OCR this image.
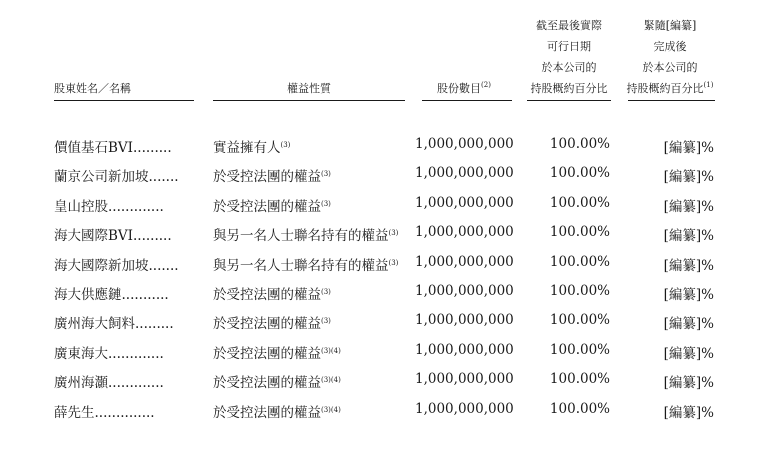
股東姓名／名稱	權益性質	股份數目$^{(2)}$
截至最後實際
可行日期
於本公司的
持股概約百分比
緊隨[編纂]
完成後
於本公司的
持股概約百分比$^{(1)}$
價值基石BVI.........	實益擁有人$^{(3)}$	1,000,000,000	100.00%	[編纂]%
蘭京公司新加坡.......	於受控法團的權益$^{(3)}$	1,000,000,000	100.00%	[編纂]%
皇山控股.............	於受控法團的權益$^{(3)}$	1,000,000,000	100.00%	[編纂]%
海大國際BVI.........	與另一名人士聯名持有的權益$^{(3)}$ 1,000,000,000	100.00%	[編纂]%
海大國際新加坡.......	與另一名人士聯名持有的權益$^{(3)}$ 1,000,000,000	100.00%	[編纂]%
海大供應鏈...........	於受控法團的權益$^{(3)}$	1,000,000,000	100.00%	[編纂]%
廣州海大飼料.........	於受控法團的權益$^{(3)}$	1,000,000,000	100.00%	[編纂]%
廣東海大.............	於受控法團的權益$^{(3)(4)}$	1,000,000,000	100.00%	[編纂]%
廣州海灝.............	於受控法團的權益$^{(3)(4)}$	1,000,000,000	100.00%	[編纂]%
薛先生..............	於受控法團的權益$^{(3)(4)}$	1,000,000,000	100.00%	[編纂]%
